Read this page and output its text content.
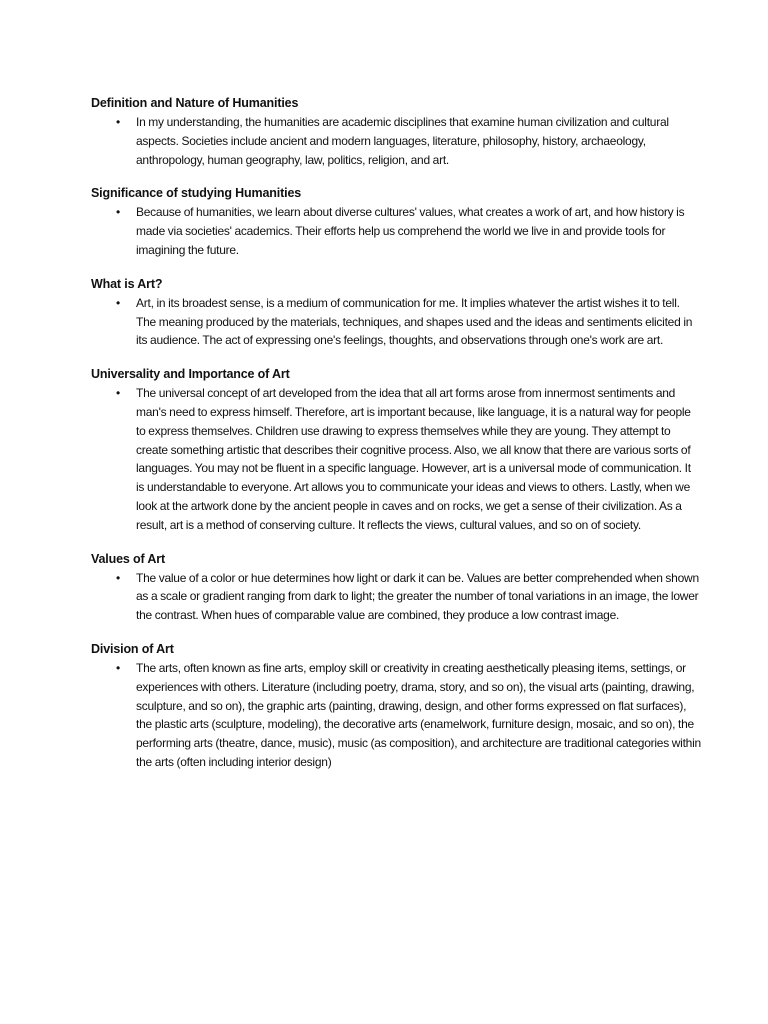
Definition and Nature of Humanities
•	In my understanding, the humanities are academic disciplines that examine human civilization and cultural aspects. Societies include ancient and modern languages, literature, philosophy, history, archaeology, anthropology, human geography, law, politics, religion, and art.

Significance of studying Humanities
•	Because of humanities, we learn about diverse cultures' values, what creates a work of art, and how history is made via societies' academics. Their efforts help us comprehend the world we live in and provide tools for imagining the future.

What is Art?
•	Art, in its broadest sense, is a medium of communication for me. It implies whatever the artist wishes it to tell. The meaning produced by the materials, techniques, and shapes used and the ideas and sentiments elicited in its audience. The act of expressing one's feelings, thoughts, and observations through one's work are art.

Universality and Importance of Art
•	The universal concept of art developed from the idea that all art forms arose from innermost sentiments and man's need to express himself. Therefore, art is important because, like language, it is a natural way for people to express themselves. Children use drawing to express themselves while they are young. They attempt to create something artistic that describes their cognitive process. Also, we all know that there are various sorts of languages. You may not be fluent in a specific language. However, art is a universal mode of communication. It is understandable to everyone. Art allows you to communicate your ideas and views to others. Lastly, when we look at the artwork done by the ancient people in caves and on rocks, we get a sense of their civilization. As a result, art is a method of conserving culture. It reflects the views, cultural values, and so on of society.

Values of Art
•	The value of a color or hue determines how light or dark it can be. Values are better comprehended when shown as a scale or gradient ranging from dark to light; the greater the number of tonal variations in an image, the lower the contrast. When hues of comparable value are combined, they produce a low contrast image.

Division of Art
•	The arts, often known as fine arts, employ skill or creativity in creating aesthetically pleasing items, settings, or experiences with others. Literature (including poetry, drama, story, and so on), the visual arts (painting, drawing, sculpture, and so on), the graphic arts (painting, drawing, design, and other forms expressed on flat surfaces), the plastic arts (sculpture, modeling), the decorative arts (enamelwork, furniture design, mosaic, and so on), the performing arts (theatre, dance, music), music (as composition), and architecture are traditional categories within the arts (often including interior design)
